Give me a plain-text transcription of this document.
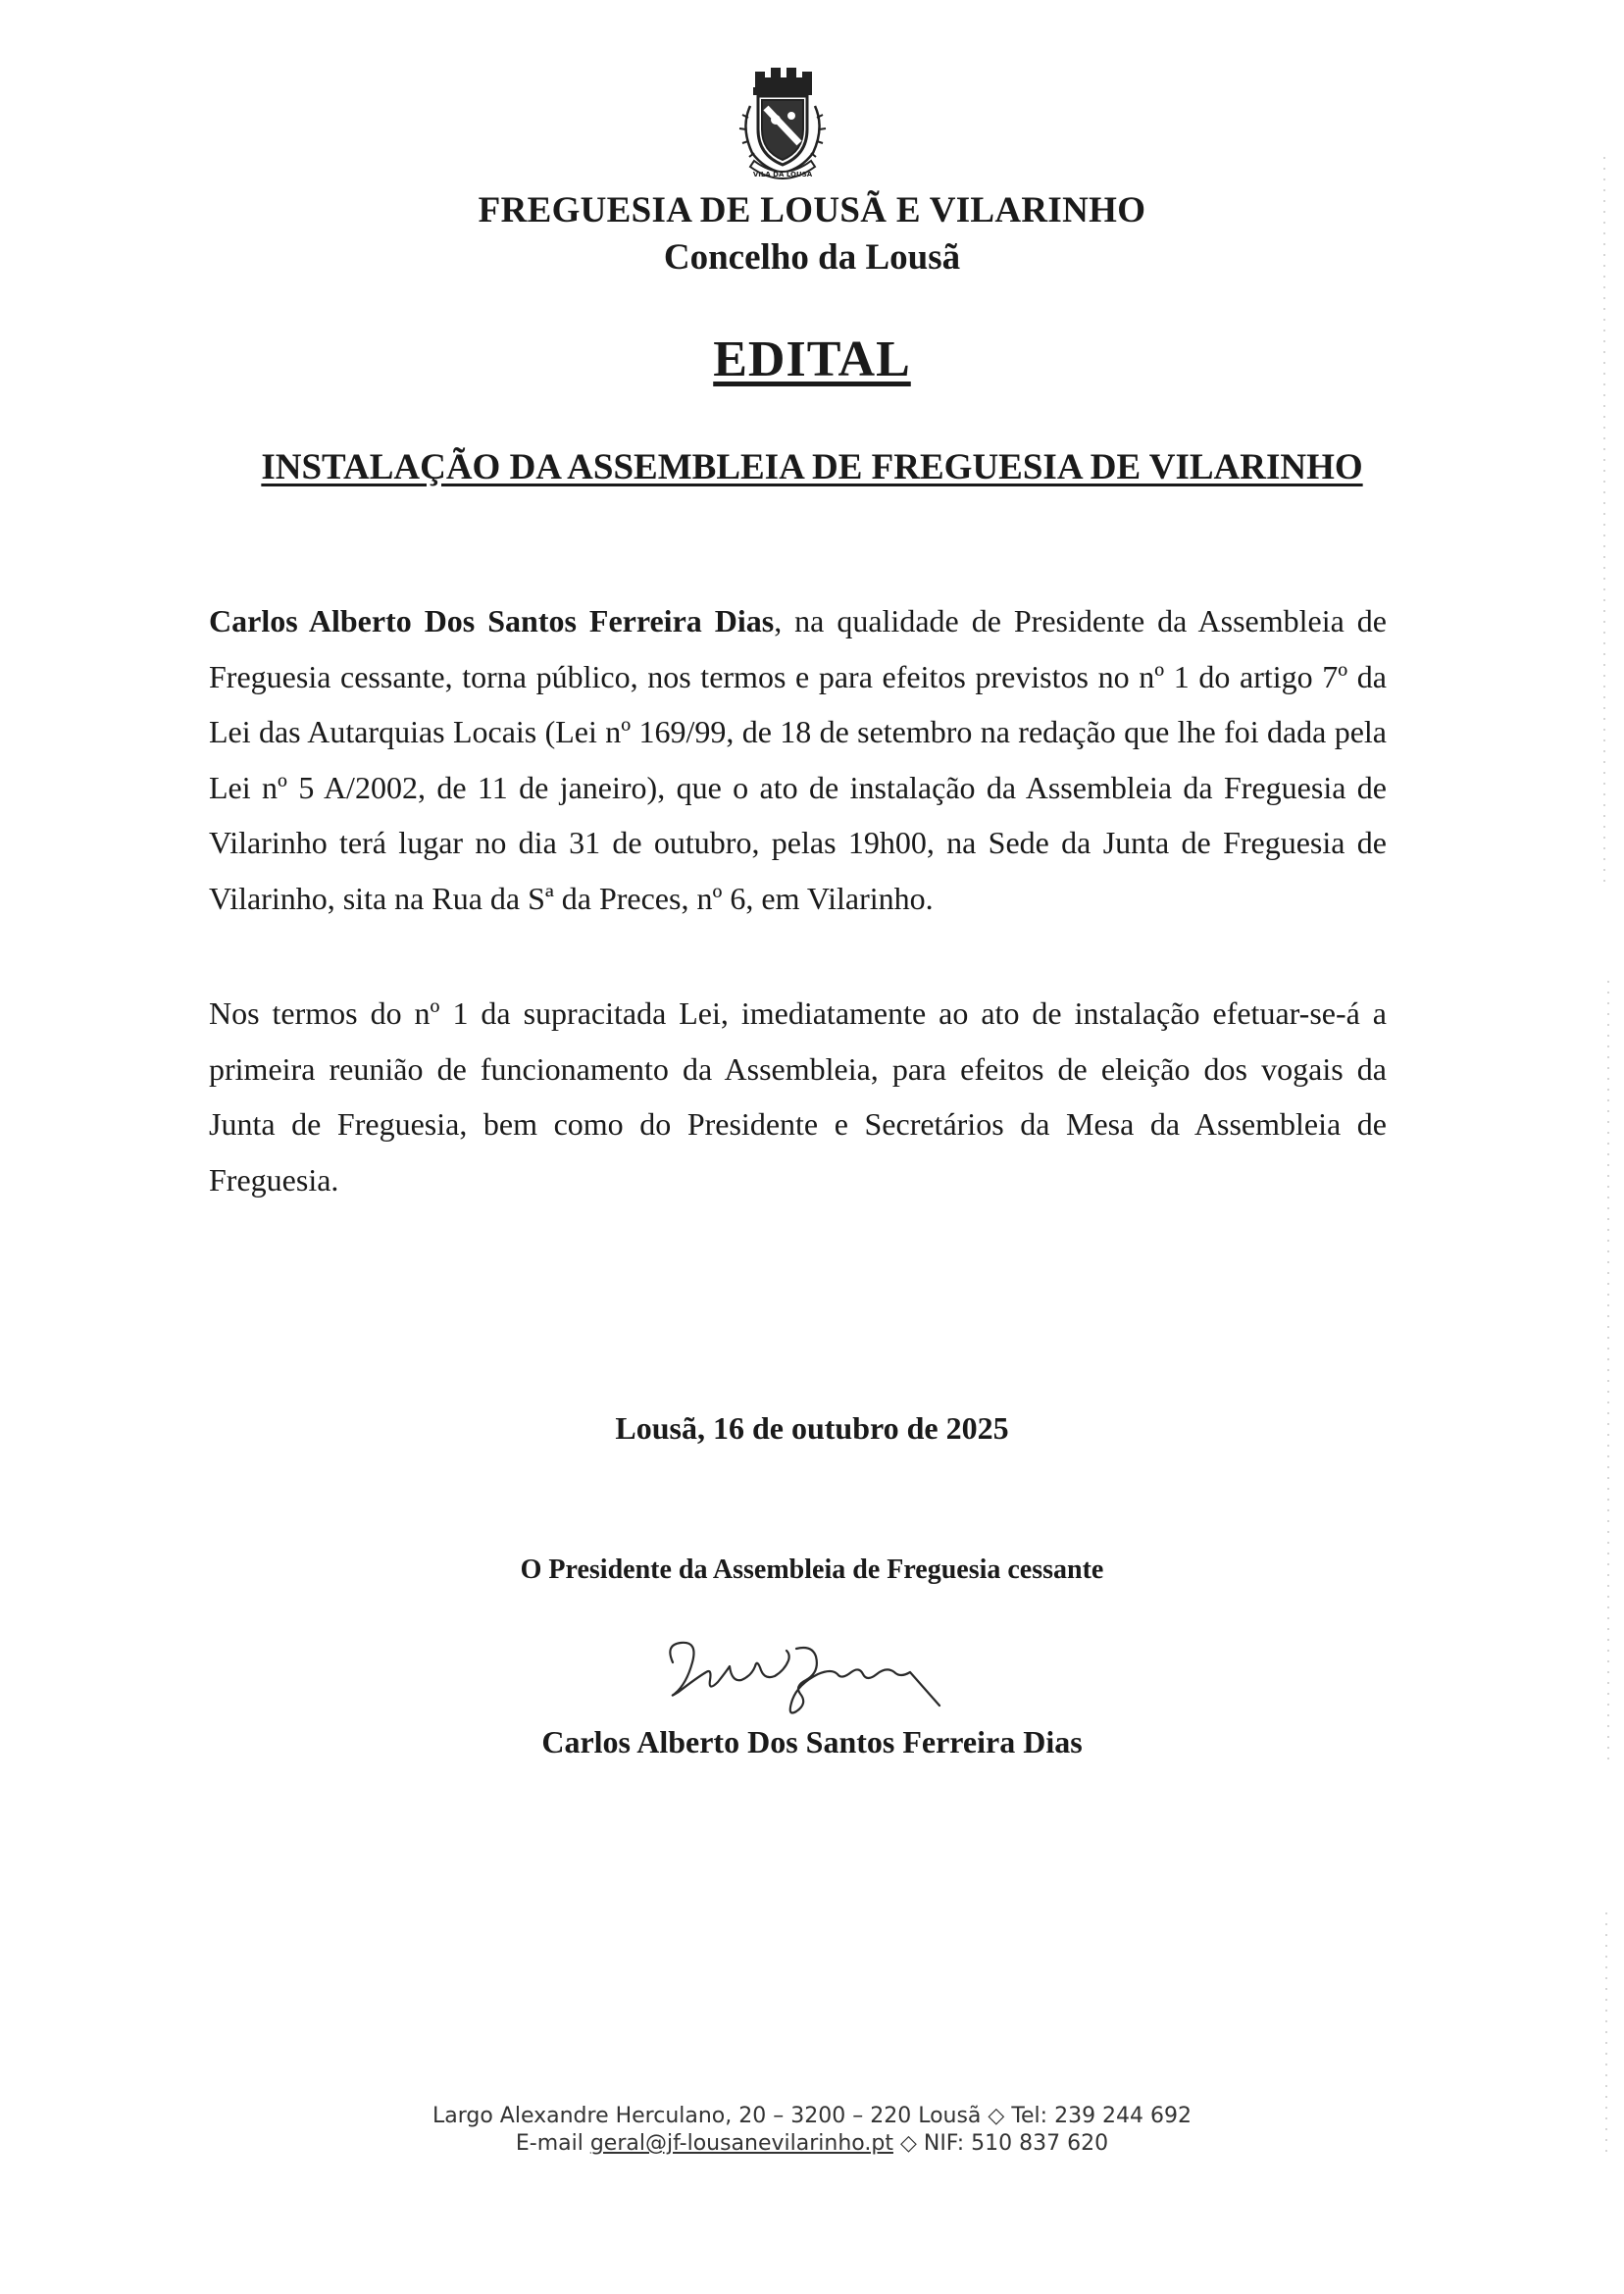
VILA DA LOUSÃ
FREGUESIA DE LOUSÃ E VILARINHO
Concelho da Lousã
EDITAL
INSTALAÇÃO DA ASSEMBLEIA DE FREGUESIA DE VILARINHO
Carlos Alberto Dos Santos Ferreira Dias, na qualidade de Presidente da Assembleia de Freguesia cessante, torna público, nos termos e para efeitos previstos no nº 1 do artigo 7º da Lei das Autarquias Locais (Lei nº 169/99, de 18 de setembro na redação que lhe foi dada pela Lei nº 5 A/2002, de 11 de janeiro), que o ato de instalação da Assembleia da Freguesia de Vilarinho terá lugar no dia 31 de outubro, pelas 19h00, na Sede da Junta de Freguesia de Vilarinho, sita na Rua da Sª da Preces, nº 6, em Vilarinho.
Nos termos do nº 1 da supracitada Lei, imediatamente ao ato de instalação efetuar-se-á a primeira reunião de funcionamento da Assembleia, para efeitos de eleição dos vogais da Junta de Freguesia, bem como do Presidente e Secretários da Mesa da Assembleia de Freguesia.
Lousã, 16 de outubro de 2025
O Presidente da Assembleia de Freguesia cessante
Carlos Alberto Dos Santos Ferreira Dias
Largo Alexandre Herculano, 20 – 3200 – 220 Lousã ◇ Tel: 239 244 692
E-mail geral@jf-lousanevilarinho.pt ◇ NIF: 510 837 620
